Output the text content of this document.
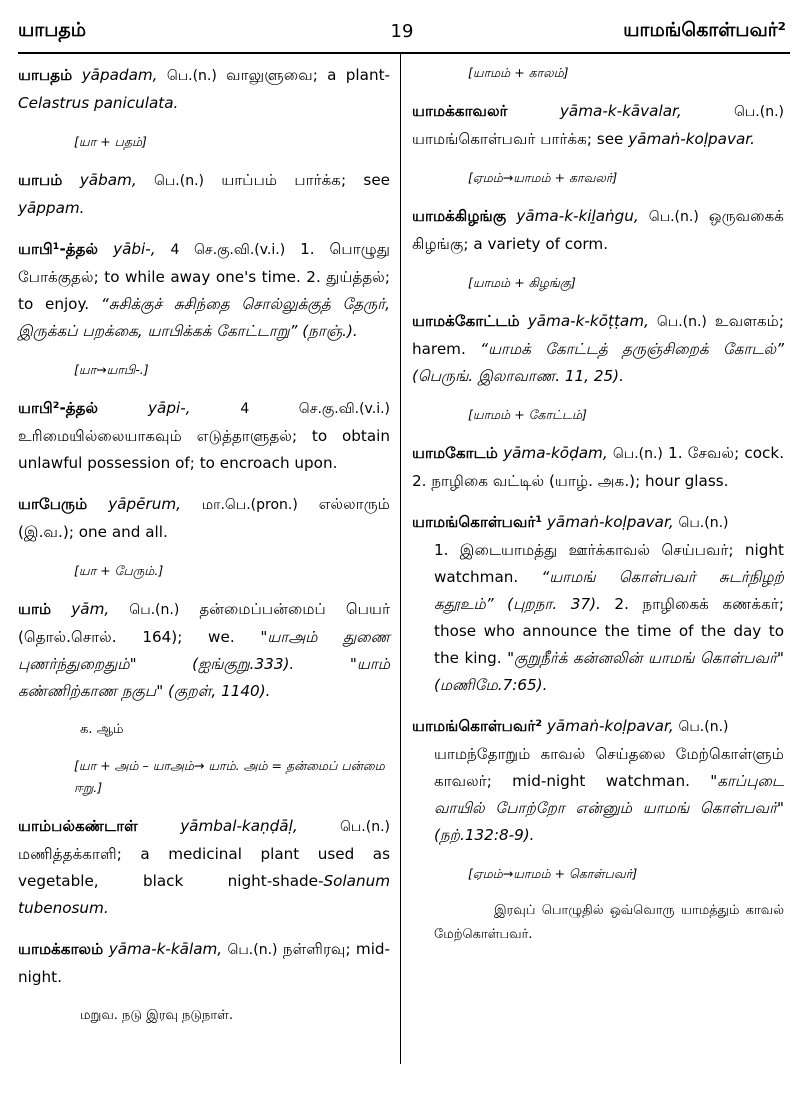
யாபதம்	19	யாமங்கொள்பவர்²
யாபதம் yāpadam, பெ.(n.) வாலுளுவை; a plant-Celastrus paniculata.
[யா + பதம்]
யாபம் yābam, பெ.(n.) யாப்பம் பார்க்க; see yāppam.
யாபி¹-த்தல் yābi-, 4 செ.கு.வி.(v.i.) 1. பொழுது போக்குதல்; to while away one's time. 2. துய்த்தல்; to enjoy. “சுசிக்குச் சுசிந்தை சொல்லுக்குத் தேருர், இருக்கப் பறக்கை, யாபிக்கக் கோட்டாறு” (நாஞ்.).
[யா→யாபி-.]
யாபி²-த்தல்	yāpi-,	4 செ.கு.வி.(v.i.) உரிமையில்லையாகவும் எடுத்தாளுதல்; to obtain unlawful possession of; to encroach upon.
யாபேரும் yāpērum, மா.பெ.(pron.) எல்லாரும் (இ.வ.); one and all.
[யா + பேரும்.]
யாம் yām, பெ.(n.) தன்மைப்பன்மைப் பெயர் (தொல்.சொல். 164); we. "யாஅம் துணை புணர்ந்துறைதும்" (ஐங்குறு.333). "யாம் கண்ணிற்காண நகுப" (குறள், 1140).
க. ஆம்
[யா + அம் – யாஅம்→ யாம். அம் = தன்மைப் பன்மை ஈறு.]
யாம்பல்கண்டாள்	yāmbal-kaṇḍāḷ,	பெ.(n.) மணித்தக்காளி; a medicinal plant used as vegetable, black night-shade-Solanum tubenosum.
யாமக்காலம் yāma-k-kālam, பெ.(n.) நள்ளிரவு; mid-night.
மறுவ. நடு இரவு நடுநாள்.
[யாமம் + காலம்]
யாமக்காவலர்	yāma-k-kāvalar,	பெ.(n.) யாமங்கொள்பவர் பார்க்க; see yāmaṅ-koḷpavar.
[ஏமம்→யாமம் + காவலர்]
யாமக்கிழங்கு yāma-k-kiḻaṅgu, பெ.(n.) ஒருவகைக் கிழங்கு; a variety of corm.
[யாமம் + கிழங்கு]
யாமக்கோட்டம் yāma-k-kōṭṭam, பெ.(n.) உவளகம்; harem. “யாமக் கோட்டத் தருஞ்சிறைக் கோடல்” (பெருங். இலாவாண. 11, 25).
[யாமம் + கோட்டம்]
யாமகோடம் yāma-kōḍam, பெ.(n.) 1. சேவல்; cock. 2. நாழிகை வட்டில் (யாழ். அக.); hour glass.
யாமங்கொள்பவர்¹ yāmaṅ-koḷpavar, பெ.(n.)
1. இடையாமத்து ஊர்க்காவல் செய்பவர்; night watchman. “யாமங் கொள்பவர் சுடர்நிழற் கதூஉம்” (புறநா. 37). 2. நாழிகைக் கணக்கர்; those who announce the time of the day to the king. "குறுநீர்க் கன்னலின் யாமங் கொள்பவர்" (மணிமே.7:65).
யாமங்கொள்பவர்² yāmaṅ-koḷpavar, பெ.(n.)
யாமந்தோறும் காவல் செய்தலை மேற்கொள்ளும் காவலர்; mid-night watchman. "காப்புடை வாயில் போற்றோ என்னும் யாமங் கொள்பவர்" (நற்.132:8-9).
[ஏமம்→யாமம் + கொள்பவர்]
இரவுப் பொழுதில் ஒவ்வொரு யாமத்தும் காவல் மேற்கொள்பவர்.
